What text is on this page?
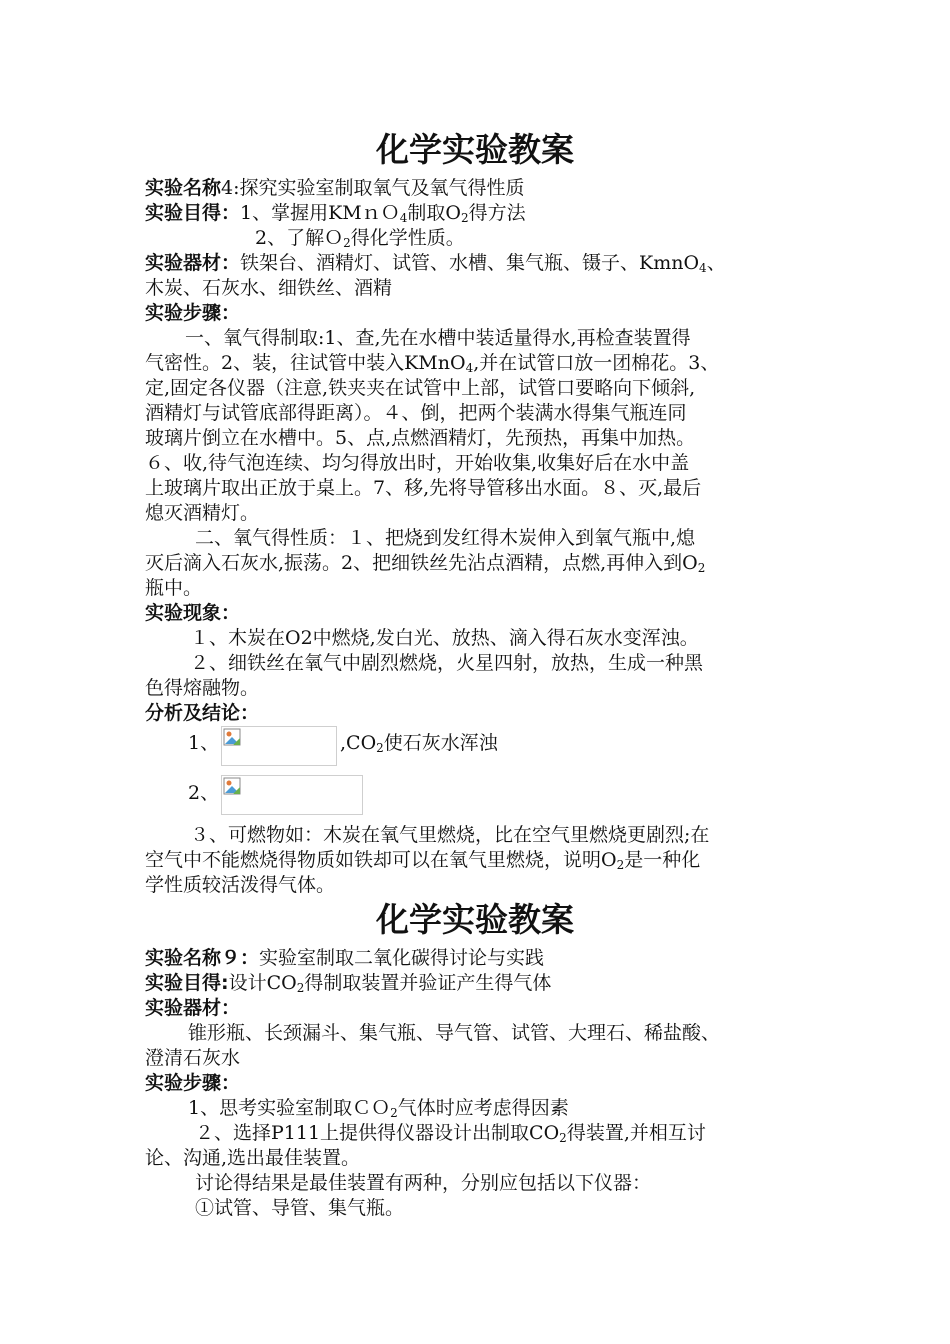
化学实验教案
实验名称4:探究实验室制取氧气及氧气得性质
实验目得：1、掌握用KMｎＯ$_4$制取$O_2$得方法
2、了解Ｏ$_2$得化学性质。
实验器材：铁架台、酒精灯、试管、水槽、集气瓶、镊子、KmnO$_4$、
木炭、石灰水、细铁丝、酒精
实验步骤：
一、氧气得制取:1、查,先在水槽中装适量得水,再检查装置得
气密性。2、装，往试管中装入KMnO$_4$,并在试管口放一团棉花。3、
定,固定各仪器（注意,铁夹夹在试管中上部，试管口要略向下倾斜,
酒精灯与试管底部得距离）。４、倒，把两个装满水得集气瓶连同
玻璃片倒立在水槽中。5、点,点燃酒精灯，先预热，再集中加热。
６、收,待气泡连续、均匀得放出时，开始收集,收集好后在水中盖
上玻璃片取出正放于桌上。7、移,先将导管移出水面。８、灭,最后
熄灭酒精灯。
二、氧气得性质：１、把烧到发红得木炭伸入到氧气瓶中,熄
灭后滴入石灰水,振荡。2、把细铁丝先沾点酒精，点燃,再伸入到$O_2$
瓶中。
实验现象：
１、木炭在O2中燃烧,发白光、放热、滴入得石灰水变浑浊。
２、细铁丝在氧气中剧烈燃烧，火星四射，放热，生成一种黑
色得熔融物。
分析及结论：
1、	$,CO_2$使石灰水浑浊
2、
３、可燃物如：木炭在氧气里燃烧，比在空气里燃烧更剧烈;在
空气中不能燃烧得物质如铁却可以在氧气里燃烧，说明$O_2$是一种化
学性质较活泼得气体。
化学实验教案
实验名称９：实验室制取二氧化碳得讨论与实践
实验目得:设计$CO_2$得制取装置并验证产生得气体
实验器材：
锥形瓶、长颈漏斗、集气瓶、导气管、试管、大理石、稀盐酸、
澄清石灰水
实验步骤：
1、思考实验室制取ＣＯ$_2$气体时应考虑得因素
２、选择P111上提供得仪器设计出制取$CO_2$得装置,并相互讨
论、沟通,选出最佳装置。
讨论得结果是最佳装置有两种，分别应包括以下仪器：
①试管、导管、集气瓶。
